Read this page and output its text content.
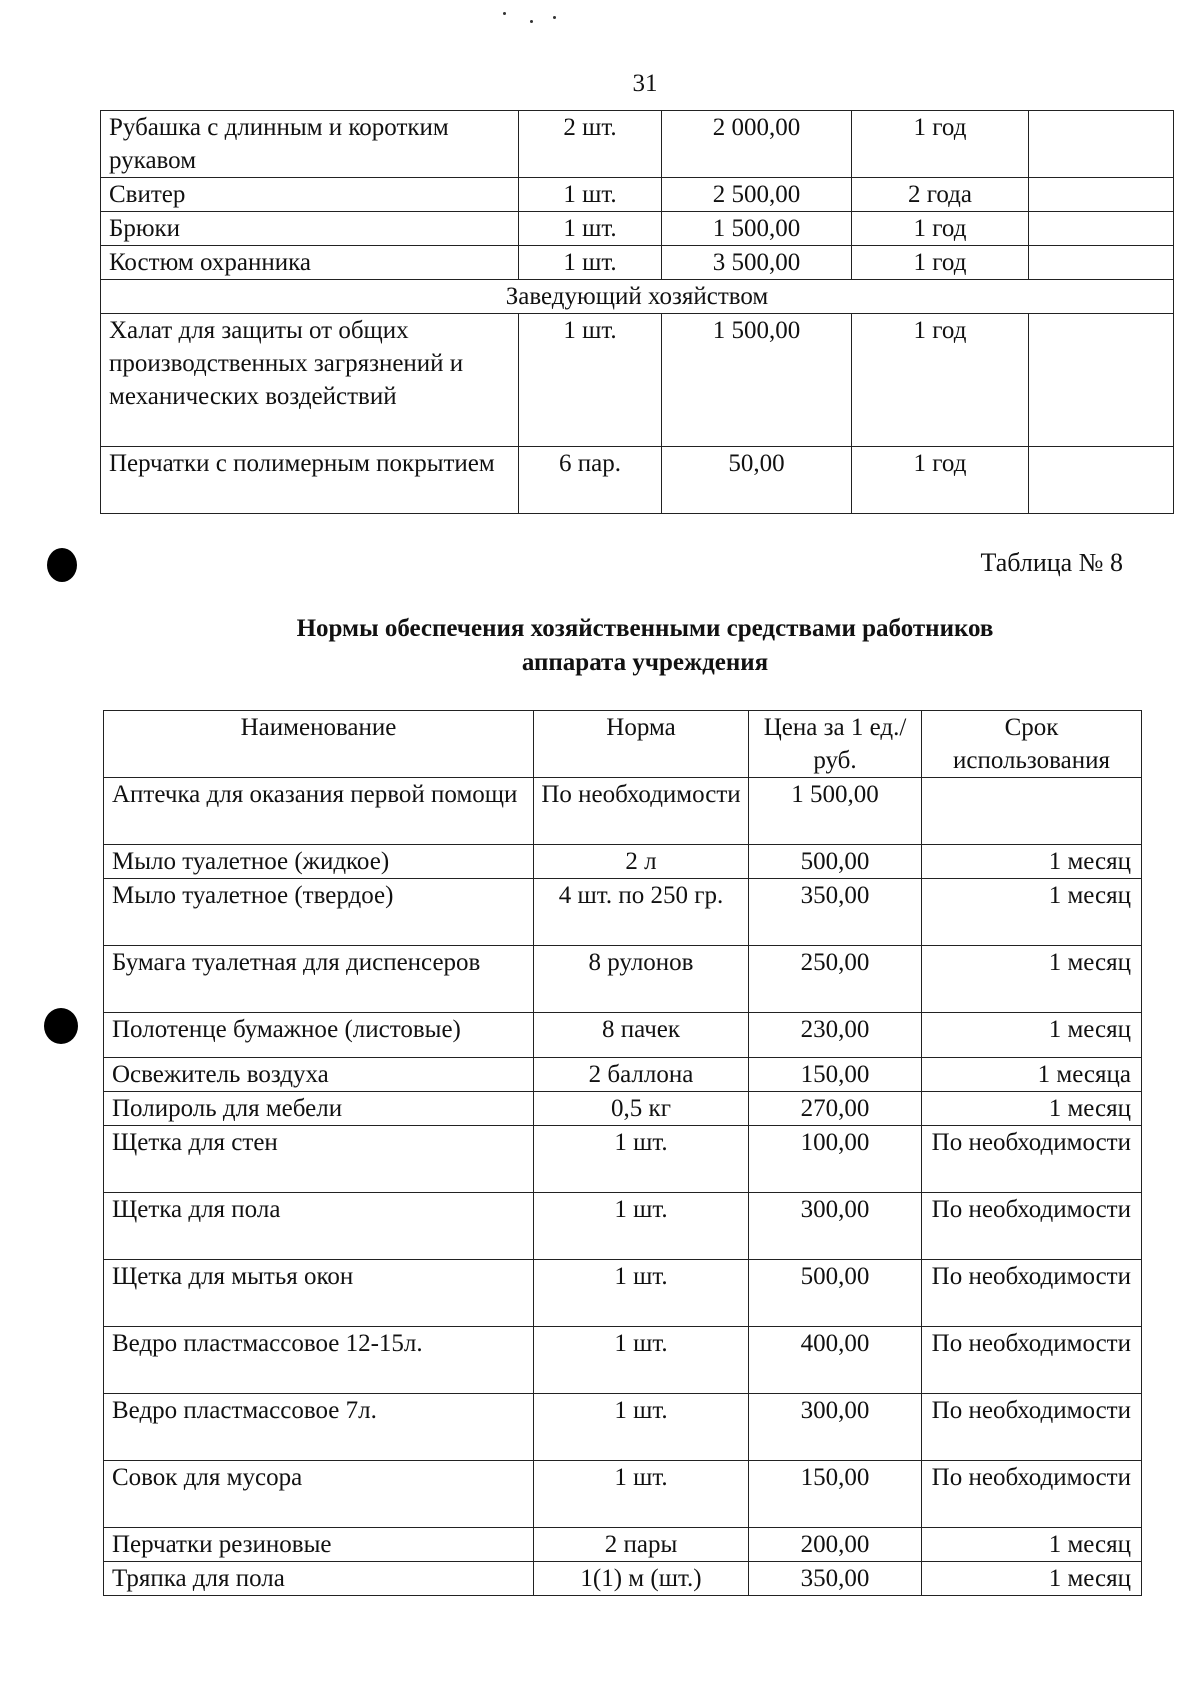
31
Рубашка с длинным и коротким рукавом	2 шт.	2 000,00	1 год	
Свитер	1 шт.	2 500,00	2 года	
Брюки	1 шт.	1 500,00	1 год	
Костюм охранника	1 шт.	3 500,00	1 год	
Заведующий хозяйством				
Халат для защиты от общих производственных загрязнений и механических воздействий	1 шт.	1 500,00	1 год	
Перчатки с полимерным покрытием	6 пар.	50,00	1 год	
Таблица № 8
Нормы обеспечения хозяйственными средствами работников
аппарата учреждения
Наименование	Норма	Цена за 1 ед./руб.	Срок использования
Аптечка для оказания первой помощи	По необходимости	1 500,00	
Мыло туалетное (жидкое)	2 л	500,00	1 месяц
Мыло туалетное (твердое)	4 шт. по 250 гр.	350,00	1 месяц
Бумага туалетная для диспенсеров	8 рулонов	250,00	1 месяц
Полотенце бумажное (листовые)	8 пачек	230,00	1 месяц
Освежитель воздуха	2 баллона	150,00	1 месяца
Полироль для мебели	0,5 кг	270,00	1 месяц
Щетка для стен	1 шт.	100,00	По необходимости
Щетка для пола	1 шт.	300,00	По необходимости
Щетка для мытья окон	1 шт.	500,00	По необходимости
Ведро пластмассовое 12-15л.	1 шт.	400,00	По необходимости
Ведро пластмассовое 7л.	1 шт.	300,00	По необходимости
Совок для мусора	1 шт.	150,00	По необходимости
Перчатки резиновые	2 пары	200,00	1 месяц
Тряпка для пола	1(1) м (шт.)	350,00	1 месяц
